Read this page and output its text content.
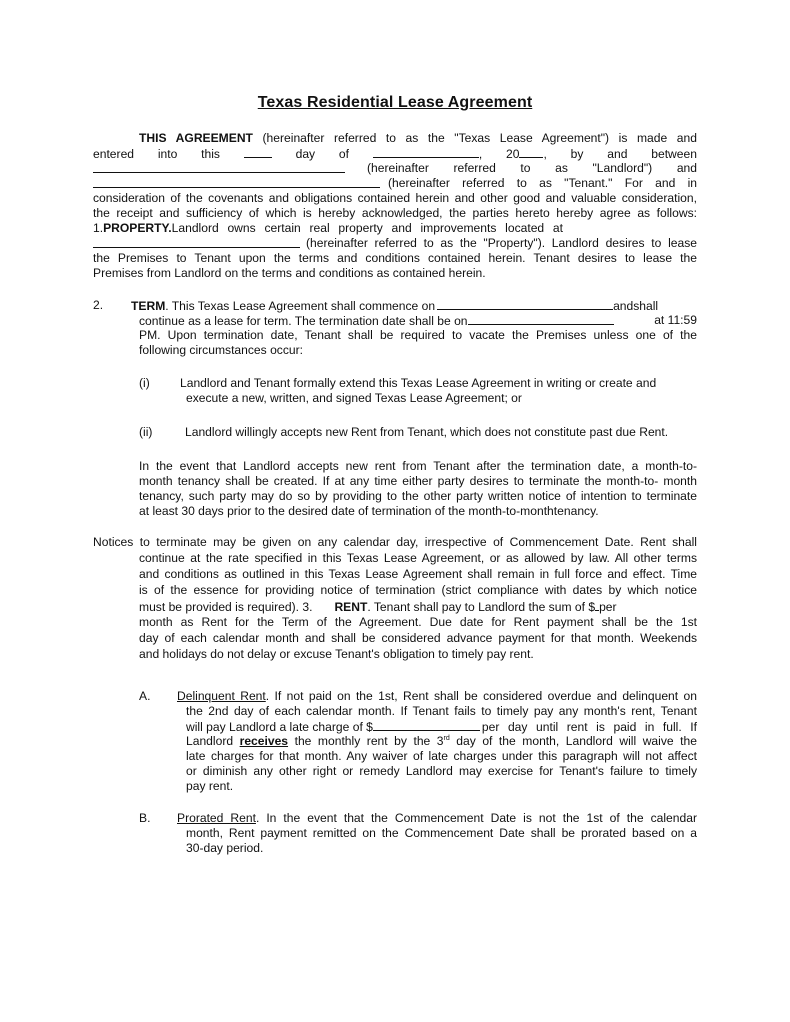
Texas Residential Lease Agreement
THIS AGREEMENT (hereinafter referred to as the "Texas Lease Agreement") is made and
entered into this	day of	, 20 , by and between
(hereinafter referred to as "Landlord") and
(hereinafter referred to as "Tenant." For and in
consideration of the covenants and obligations contained herein and other good and valuable consideration,
the receipt and sufficiency of which is hereby acknowledged, the parties hereto hereby agree as follows:
1.PROPERTY.Landlord owns certain real property and improvements located at
(hereinafter referred to as the "Property"). Landlord desires to lease
the Premises to Tenant upon the terms and conditions contained herein. Tenant desires to lease the
Premises from Landlord on the terms and conditions as contained herein.
2. TERM. This Texas Lease Agreement shall commence on	andshall
continue as a lease for term. The termination date shall be on	at 11:59
PM. Upon termination date, Tenant shall be required to vacate the Premises unless one of the
following circumstances occur:
(i)	Landlord and Tenant formally extend this Texas Lease Agreement in writing or create and
execute a new, written, and signed Texas Lease Agreement; or
(ii)	Landlord willingly accepts new Rent from Tenant, which does not constitute past due Rent.
In the event that Landlord accepts new rent from Tenant after the termination date, a month-to-
month tenancy shall be created. If at any time either party desires to terminate the month-to- month
tenancy, such party may do so by providing to the other party written notice of intention to terminate
at least 30 days prior to the desired date of termination of the month-to-monthtenancy.
Notices to terminate may be given on any calendar day, irrespective of Commencement Date. Rent shall
continue at the rate specified in this Texas Lease Agreement, or as allowed by law. All other terms
and conditions as outlined in this Texas Lease Agreement shall remain in full force and effect. Time
is of the essence for providing notice of termination (strict compliance with dates by which notice
must be provided is required). 3. RENT. Tenant shall pay to Landlord the sum of $ per
month as Rent for the Term of the Agreement. Due date for Rent payment shall be the 1st
day of each calendar month and shall be considered advance payment for that month. Weekends
and holidays do not delay or excuse Tenant's obligation to timely pay rent.
A. Delinquent Rent. If not paid on the 1st, Rent shall be considered overdue and delinquent on
the 2nd day of each calendar month. If Tenant fails to timely pay any month's rent, Tenant
will pay Landlord a late charge of $	per day until rent is paid in full. If
Landlord receives the monthly rent by the 3rd day of the month, Landlord will waive the
late charges for that month. Any waiver of late charges under this paragraph will not affect
or diminish any other right or remedy Landlord may exercise for Tenant's failure to timely
pay rent.
B. Prorated Rent. In the event that the Commencement Date is not the 1st of the calendar
month, Rent payment remitted on the Commencement Date shall be prorated based on a
30-day period.
